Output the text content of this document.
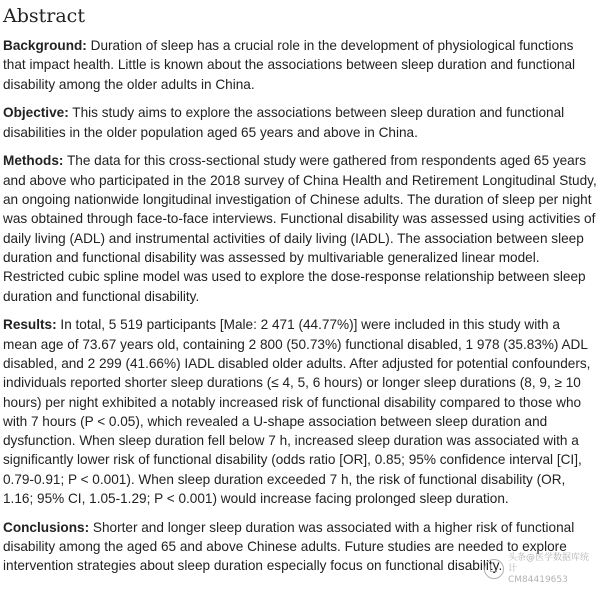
Abstract

Background: Duration of sleep has a crucial role in the development of physiological functions that impact health. Little is known about the associations between sleep duration and functional disability among the older adults in China.

Objective: This study aims to explore the associations between sleep duration and functional disabilities in the older population aged 65 years and above in China.

Methods: The data for this cross-sectional study were gathered from respondents aged 65 years and above who participated in the 2018 survey of China Health and Retirement Longitudinal Study, an ongoing nationwide longitudinal investigation of Chinese adults. The duration of sleep per night was obtained through face-to-face interviews. Functional disability was assessed using activities of daily living (ADL) and instrumental activities of daily living (IADL). The association between sleep duration and functional disability was assessed by multivariable generalized linear model. Restricted cubic spline model was used to explore the dose-response relationship between sleep duration and functional disability.

Results: In total, 5 519 participants [Male: 2 471 (44.77%)] were included in this study with a mean age of 73.67 years old, containing 2 800 (50.73%) functional disabled, 1 978 (35.83%) ADL disabled, and 2 299 (41.66%) IADL disabled older adults. After adjusted for potential confounders, individuals reported shorter sleep durations (≤ 4, 5, 6 hours) or longer sleep durations (8, 9, ≥ 10 hours) per night exhibited a notably increased risk of functional disability compared to those who with 7 hours (P < 0.05), which revealed a U-shape association between sleep duration and dysfunction. When sleep duration fell below 7 h, increased sleep duration was associated with a significantly lower risk of functional disability (odds ratio [OR], 0.85; 95% confidence interval [CI], 0.79-0.91; P < 0.001). When sleep duration exceeded 7 h, the risk of functional disability (OR, 1.16; 95% CI, 1.05-1.29; P < 0.001) would increase facing prolonged sleep duration.

Conclusions: Shorter and longer sleep duration was associated with a higher risk of functional disability among the aged 65 and above Chinese adults. Future studies are needed to explore intervention strategies about sleep duration especially focus on functional disability.

头条@医学数据库统计
CM84419653
